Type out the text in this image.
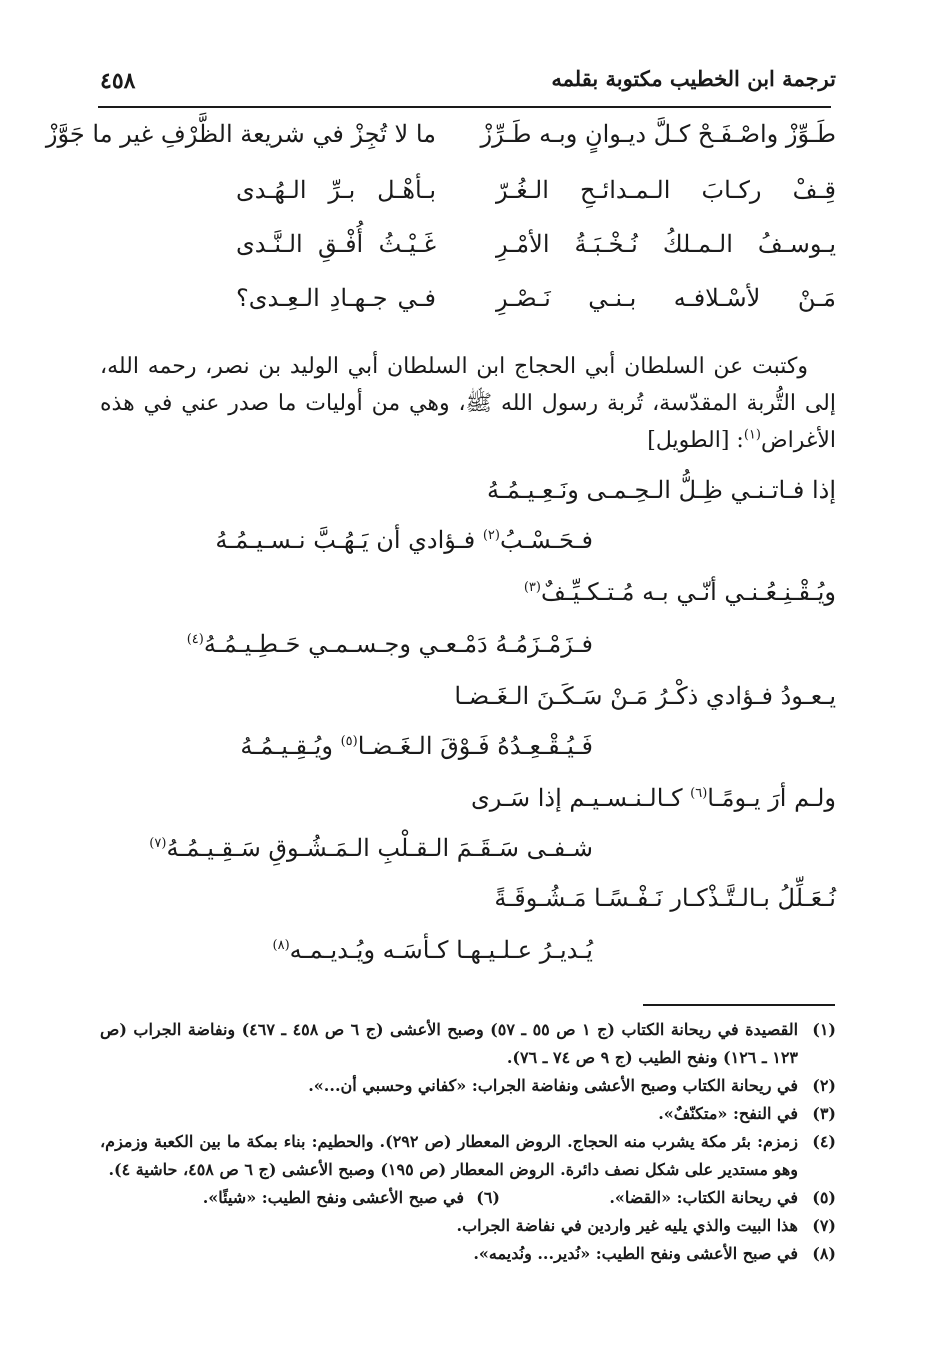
٤٥٨	ترجمة ابن الخطيب مكتوبة بقلمه
طَـوِّزْ واصْـفَـحْ كـلَّ ديـوانٍ وبـه طَـرِّزْ
ما لا تُجِزْ في شريعة الظَّرْفِ غير ما جَوَّزْ
قِـفْ ركـابَ الـمـدائـحِ الـغُـرّ
بـأهْـل بـرِّ الـهُـدى
يـوسـفُ الـمـلكُ نُـخْـبَـةُ الأمْـرِ
غَـيْـثُ أُفْـقِ الـنَّـدى
مَـنْ لأسْـلافـه بـنـي نَـصْـرِ
فـي جـهـادِ الـعِـدى؟
وكتبت عن السلطان أبي الحجاج ابن السلطان أبي الوليد بن نصر، رحمه الله، إلى التُّربة المقدّسة، تُربة رسول الله ﷺ، وهي من أوليات ما صدر عني في هذه الأغراض$^{(١)}$: [الطويل]
إذا فـاتـنـي ظِـلُّ الـحِـمـى ونَـعِـيـمُـهُ
فـحَـسْـبُ$^{(٢)}$ فـؤادي أن يَـهُـبَّ نـسـيـمُـهُ
ويُـقْـنِـعُـنـي أنّـي بـه مُـتـكـيِّـفٌ$^{(٣)}$
فـزَمْـزَمُـهُ دَمْـعـي وجـسـمـي حَـطِـيـمُـهُ$^{(٤)}$
يـعـودُ فـؤادي ذكْـرُ مَـنْ سَـكَـنَ الـغَـضـا
فَـيُـقْـعِـدُهُ فَـوْقَ الـغَـضـا$^{(٥)}$ ويُـقِـيـمُـهُ
ولـم أرَ يـومًـا$^{(٦)}$ كـالـنـسـيـم إذا سَـرى
شـفـى سَـقَـمَ الـقـلْبِ الـمَـشُـوقِ سَـقِـيـمُـهُ$^{(٧)}$
نُـعَـلِّلُ بـالـتَّـذْكـار نَـفْـسًـا مَـشُـوقَـةً
يُـديـرُ عـلـيـهـا كـأسَـه ويُـديـمـه$^{(٨)}$
(١)
القصيدة في ريحانة الكتاب (ج ١ ص ٥٥ ـ ٥٧) وصبح الأعشى (ج ٦ ص ٤٥٨ ـ ٤٦٧) ونفاضة الجراب (ص ١٢٣ ـ ١٢٦) ونفح الطيب (ج ٩ ص ٧٤ ـ ٧٦).
(٢)
في ريحانة الكتاب وصبح الأعشى ونفاضة الجراب: «كفاني وحسبي أن...».
(٣)
في النفح: «متكنّفٌ».
(٤)
زمزم: بئر مكة يشرب منه الحجاج. الروض المعطار (ص ٢٩٢). والحطيم: بناء بمكة ما بين الكعبة وزمزم، وهو مستدير على شكل نصف دائرة. الروض المعطار (ص ١٩٥) وصبح الأعشى (ج ٦ ص ٤٥٨، حاشية ٤).
(٥)
في ريحانة الكتاب: «القضا».
(٦)
في صبح الأعشى ونفح الطيب: «شيئًا».
(٧)
هذا البيت والذي يليه غير واردين في نفاضة الجراب.
(٨)
في صبح الأعشى ونفح الطيب: «نُدير... ونُديمه».
